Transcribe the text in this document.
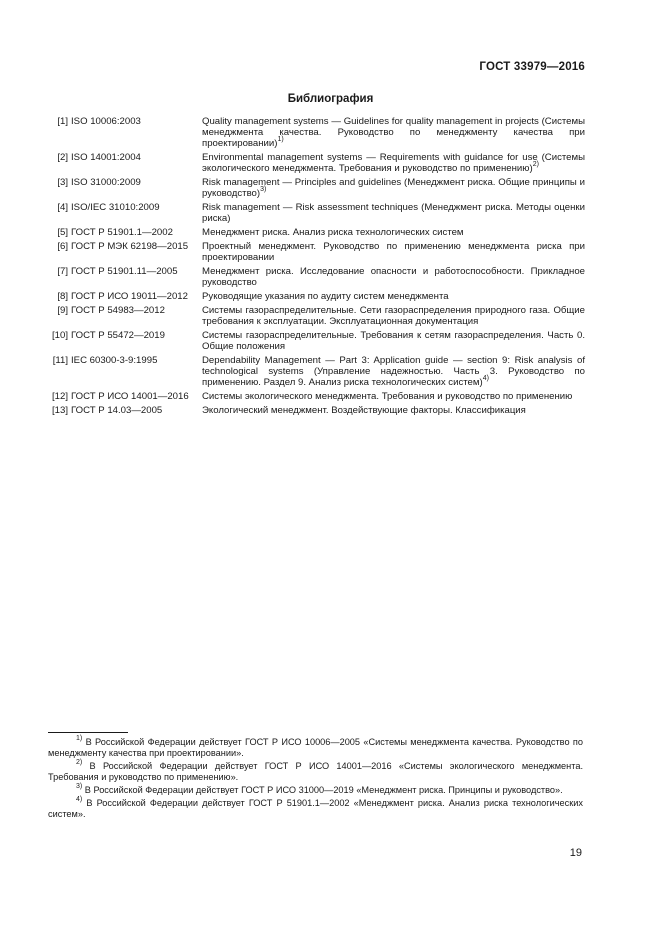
ГОСТ 33979—2016
Библиография
[1] ISO 10006:2003	Quality management systems — Guidelines for quality management in projects (Системы менеджмента качества. Руководство по менеджменту качества при проектировании)$^{1)}$
[2] ISO 14001:2004	Environmental management systems — Requirements with guidance for use (Системы экологического менеджмента. Требования и руководство по применению)$^{2)}$
[3] ISO 31000:2009	Risk management — Principles and guidelines (Менеджмент риска. Общие принципы и руководство)$^{3)}$
[4] ISO/IEC 31010:2009	Risk management — Risk assessment techniques (Менеджмент риска. Методы оценки риска)
[5] ГОСТ Р 51901.1—2002	Менеджмент риска. Анализ риска технологических систем
[6] ГОСТ Р МЭК 62198—2015	Проектный менеджмент. Руководство по применению менеджмента риска при проектировании
[7] ГОСТ Р 51901.11—2005	Менеджмент риска. Исследование опасности и работоспособности. Прикладное руководство
[8] ГОСТ Р ИСО 19011—2012	Руководящие указания по аудиту систем менеджмента
[9] ГОСТ Р 54983—2012	Системы газораспределительные. Сети газораспределения природного газа. Общие требования к эксплуатации. Эксплуатационная документация
[10] ГОСТ Р 55472—2019	Системы газораспределительные. Требования к сетям газораспределения. Часть 0. Общие положения
[11] IEC 60300-3-9:1995	Dependability Management — Part 3: Application guide — section 9: Risk analysis of technological systems (Управление надежностью. Часть 3. Руководство по применению. Раздел 9. Анализ риска технологических систем)$^{4)}$
[12] ГОСТ Р ИСО 14001—2016	Системы экологического менеджмента. Требования и руководство по применению
[13] ГОСТ Р 14.03—2005	Экологический менеджмент. Воздействующие факторы. Классификация
$^{1)}$ В Российской Федерации действует ГОСТ Р ИСО 10006—2005 «Системы менеджмента качества. Руководство по менеджменту качества при проектировании».
$^{2)}$ В Российской Федерации действует ГОСТ Р ИСО 14001—2016 «Системы экологического менеджмента. Требования и руководство по применению».
$^{3)}$ В Российской Федерации действует ГОСТ Р ИСО 31000—2019 «Менеджмент риска. Принципы и руководство».
$^{4)}$ В Российской Федерации действует ГОСТ Р 51901.1—2002 «Менеджмент риска. Анализ риска технологических систем».
19
